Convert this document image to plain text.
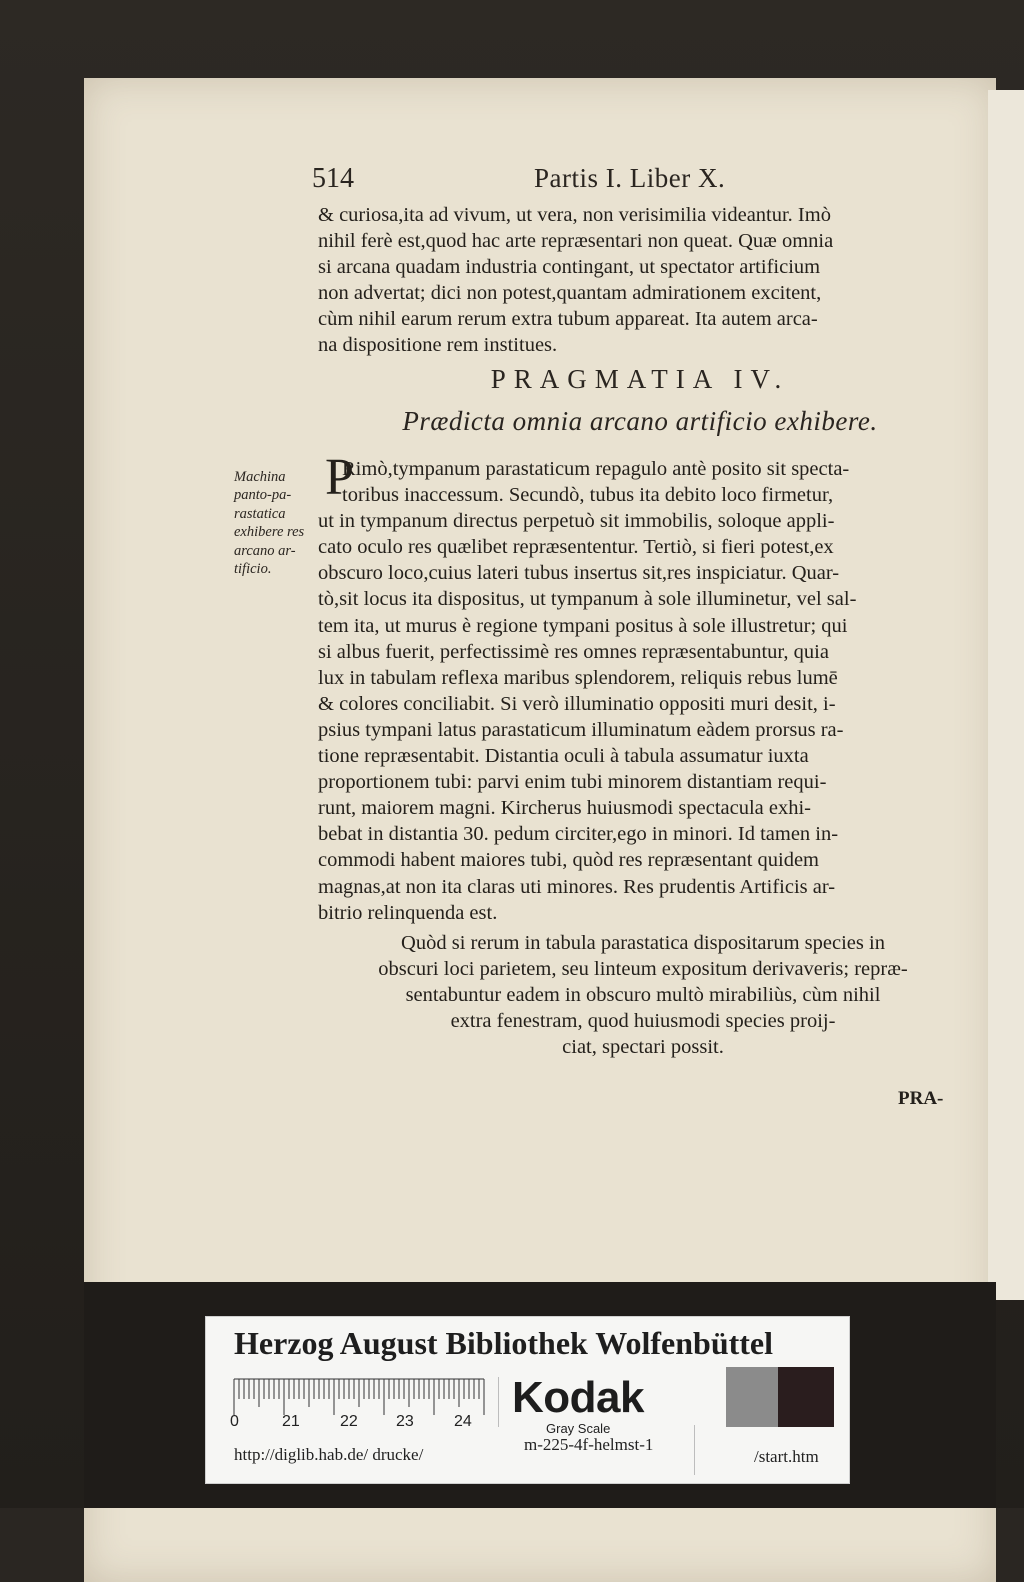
514	Partis I. Liber X.
& curiosa,ita ad vivum, ut vera, non verisimilia videantur. Imò
nihil ferè est,quod hac arte repræsentari non queat. Quæ omnia
si arcana quadam industria contingant, ut spectator artificium
non advertat; dici non potest,quantam admirationem excitent,
cùm nihil earum rerum extra tubum appareat. Ita autem arca-
na dispositione rem institues.
PRAGMATIA IV.
Prædicta omnia arcano artificio exhibere.
Machina
panto-pa-
rastatica
exhibere res
arcano ar-
tificio.
P
Rimò,tympanum parastaticum repagulo antè posito sit specta-
toribus inaccessum. Secundò, tubus ita debito loco firmetur,
ut in tympanum directus perpetuò sit immobilis, soloque appli-
cato oculo res quælibet repræsententur. Tertiò, si fieri potest,ex
obscuro loco,cuius lateri tubus insertus sit,res inspiciatur. Quar-
tò,sit locus ita dispositus, ut tympanum à sole illuminetur, vel sal-
tem ita, ut murus è regione tympani positus à sole illustretur; qui
si albus fuerit, perfectissimè res omnes repræsentabuntur, quia
lux in tabulam reflexa maribus splendorem, reliquis rebus lumē
& colores conciliabit. Si verò illuminatio oppositi muri desit, i-
psius tympani latus parastaticum illuminatum eàdem prorsus ra-
tione repræsentabit. Distantia oculi à tabula assumatur iuxta
proportionem tubi: parvi enim tubi minorem distantiam requi-
runt, maiorem magni. Kircherus huiusmodi spectacula exhi-
bebat in distantia 30. pedum circiter,ego in minori. Id tamen in-
commodi habent maiores tubi, quòd res repræsentant quidem
magnas,at non ita claras uti minores. Res prudentis Artificis ar-
bitrio relinquenda est.
Quòd si rerum in tabula parastatica dispositarum species in
obscuri loci parietem, seu linteum expositum derivaveris; repræ-
sentabuntur eadem in obscuro multò mirabiliùs, cùm nihil
extra fenestram, quod huiusmodi species proij-
ciat, spectari possit.
PRA-
Herzog August Bibliothek Wolfenbüttel
0	21	22 23	24 Kodak
Gray Scale
http://diglib.hab.de/ drucke/
m-225-4f-helmst-1
/start.htm
